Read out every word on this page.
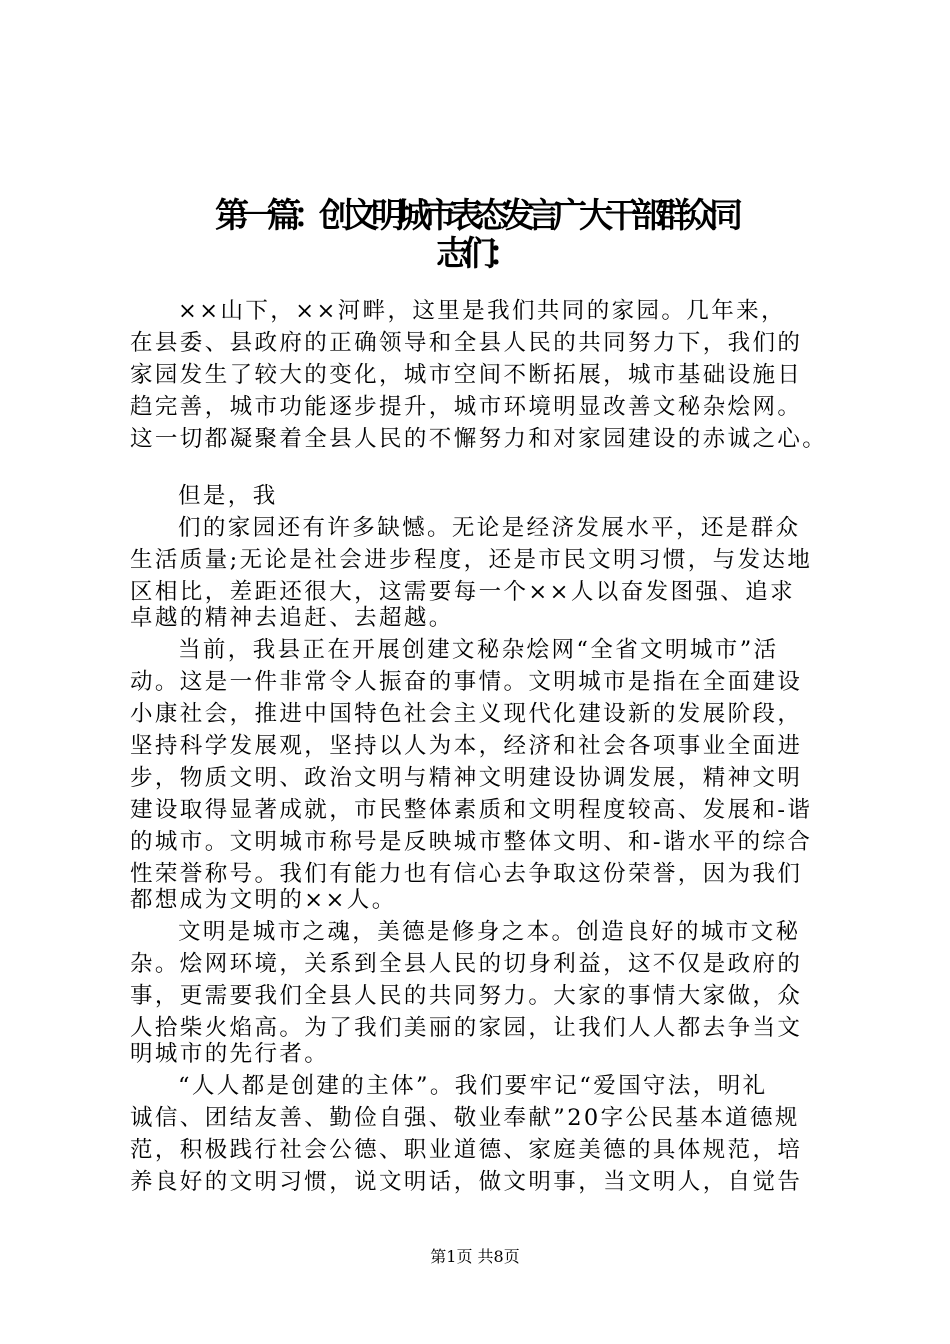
第一篇：创文明城市表态发言广大干部群众同
志们：
××山下，××河畔，这里是我们共同的家园。几年来，
在县委、县政府的正确领导和全县人民的共同努力下，我们的
家园发生了较大的变化，城市空间不断拓展，城市基础设施日
趋完善，城市功能逐步提升，城市环境明显改善文秘杂烩网。
这一切都凝聚着全县人民的不懈努力和对家园建设的赤诚之心。
但是，我
们的家园还有许多缺憾。无论是经济发展水平，还是群众
生活质量;无论是社会进步程度，还是市民文明习惯，与发达地
区相比，差距还很大，这需要每一个××人以奋发图强、追求
卓越的精神去追赶、去超越。
当前，我县正在开展创建文秘杂烩网“全省文明城市”活
动。这是一件非常令人振奋的事情。文明城市是指在全面建设
小康社会，推进中国特色社会主义现代化建设新的发展阶段，
坚持科学发展观，坚持以人为本，经济和社会各项事业全面进
步，物质文明、政治文明与精神文明建设协调发展，精神文明
建设取得显著成就，市民整体素质和文明程度较高、发展和-谐
的城市。文明城市称号是反映城市整体文明、和-谐水平的综合
性荣誉称号。我们有能力也有信心去争取这份荣誉，因为我们
都想成为文明的××人。
文明是城市之魂，美德是修身之本。创造良好的城市文秘
杂。烩网环境，关系到全县人民的切身利益，这不仅是政府的
事，更需要我们全县人民的共同努力。大家的事情大家做，众
人拾柴火焰高。为了我们美丽的家园，让我们人人都去争当文
明城市的先行者。
“人人都是创建的主体”。我们要牢记“爱国守法，明礼
诚信、团结友善、勤俭自强、敬业奉献”20字公民基本道德规
范，积极践行社会公德、职业道德、家庭美德的具体规范，培
养良好的文明习惯，说文明话，做文明事，当文明人，自觉告
第1页 共8页
